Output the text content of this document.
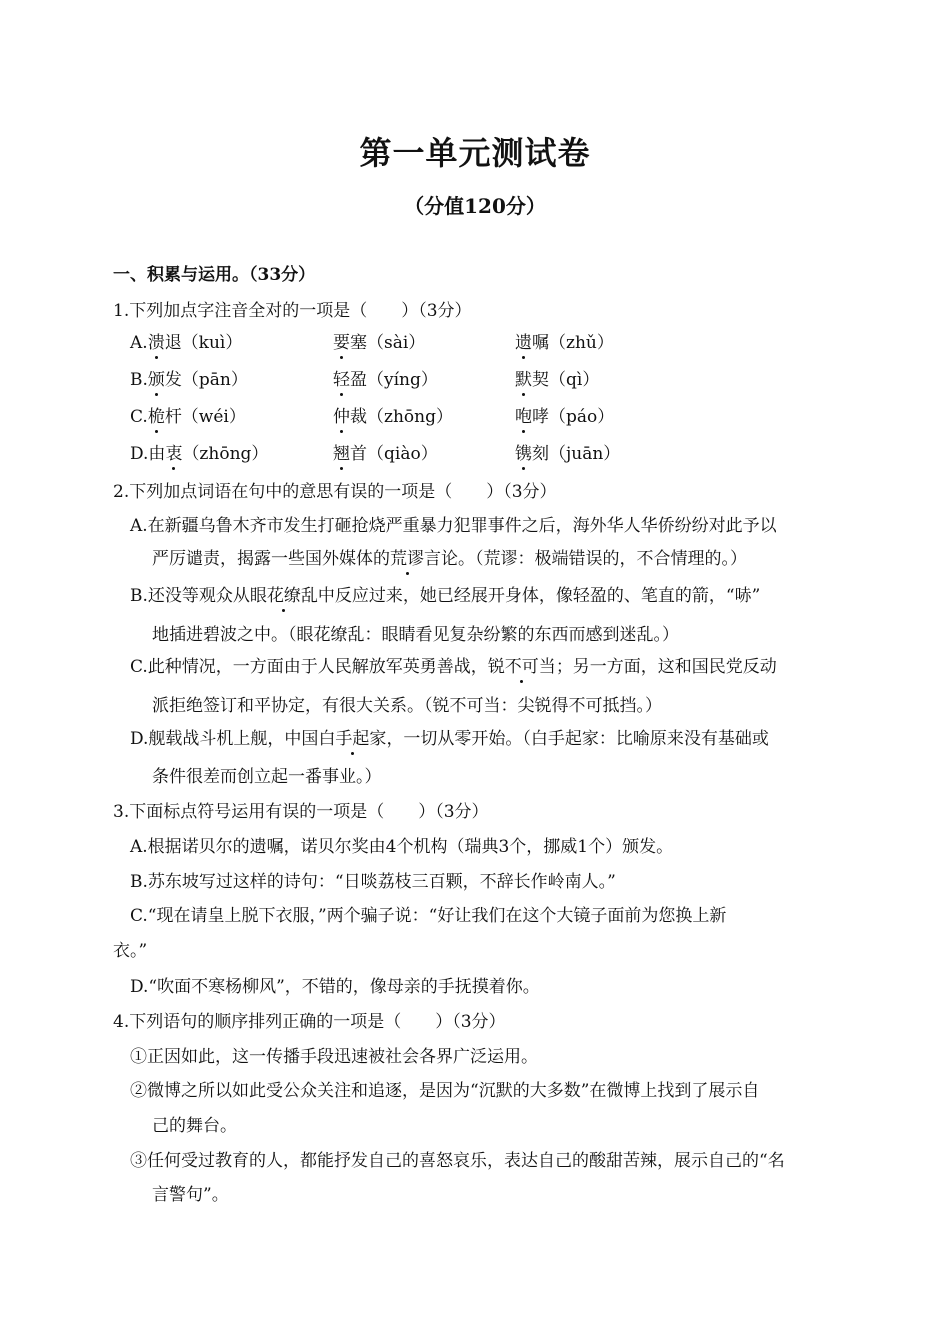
第一单元测试卷
（分值120分）
一、积累与运用。（33分）
1.下列加点字注音全对的一项是（　　）（3分）
A.溃退（kuì）	要塞（sài）	遗嘱（zhǔ）
B.颁发（pān）	轻盈（yíng）	默契（qì）
C.桅杆（wéi）	仲裁（zhōng）	咆哮（páo）
D.由衷（zhōng）	翘首（qiào）	镌刻（juān）
2.下列加点词语在句中的意思有误的一项是（　　）（3分）
A.在新疆乌鲁木齐市发生打砸抢烧严重暴力犯罪事件之后，海外华人华侨纷纷对此予以
严厉谴责，揭露一些国外媒体的荒谬言论。（荒谬：极端错误的，不合情理的。）
B.还没等观众从眼花缭乱中反应过来，她已经展开身体，像轻盈的、笔直的箭，“哧”
地插进碧波之中。（眼花缭乱：眼睛看见复杂纷繁的东西而感到迷乱。）
C.此种情况，一方面由于人民解放军英勇善战，锐不可当；另一方面，这和国民党反动
派拒绝签订和平协定，有很大关系。（锐不可当：尖锐得不可抵挡。）
D.舰载战斗机上舰，中国白手起家，一切从零开始。（白手起家：比喻原来没有基础或
条件很差而创立起一番事业。）
3.下面标点符号运用有误的一项是（　　）（3分）
A.根据诺贝尔的遗嘱，诺贝尔奖由4个机构（瑞典3个，挪威1个）颁发。
B.苏东坡写过这样的诗句：“日啖荔枝三百颗，不辞长作岭南人。”
C.“现在请皇上脱下衣服，”两个骗子说：“好让我们在这个大镜子面前为您换上新
衣。”
D.“吹面不寒杨柳风”，不错的，像母亲的手抚摸着你。
4.下列语句的顺序排列正确的一项是（　　）（3分）
①正因如此，这一传播手段迅速被社会各界广泛运用。
②微博之所以如此受公众关注和追逐，是因为“沉默的大多数”在微博上找到了展示自
己的舞台。
③任何受过教育的人，都能抒发自己的喜怒哀乐，表达自己的酸甜苦辣，展示自己的“名
言警句”。
